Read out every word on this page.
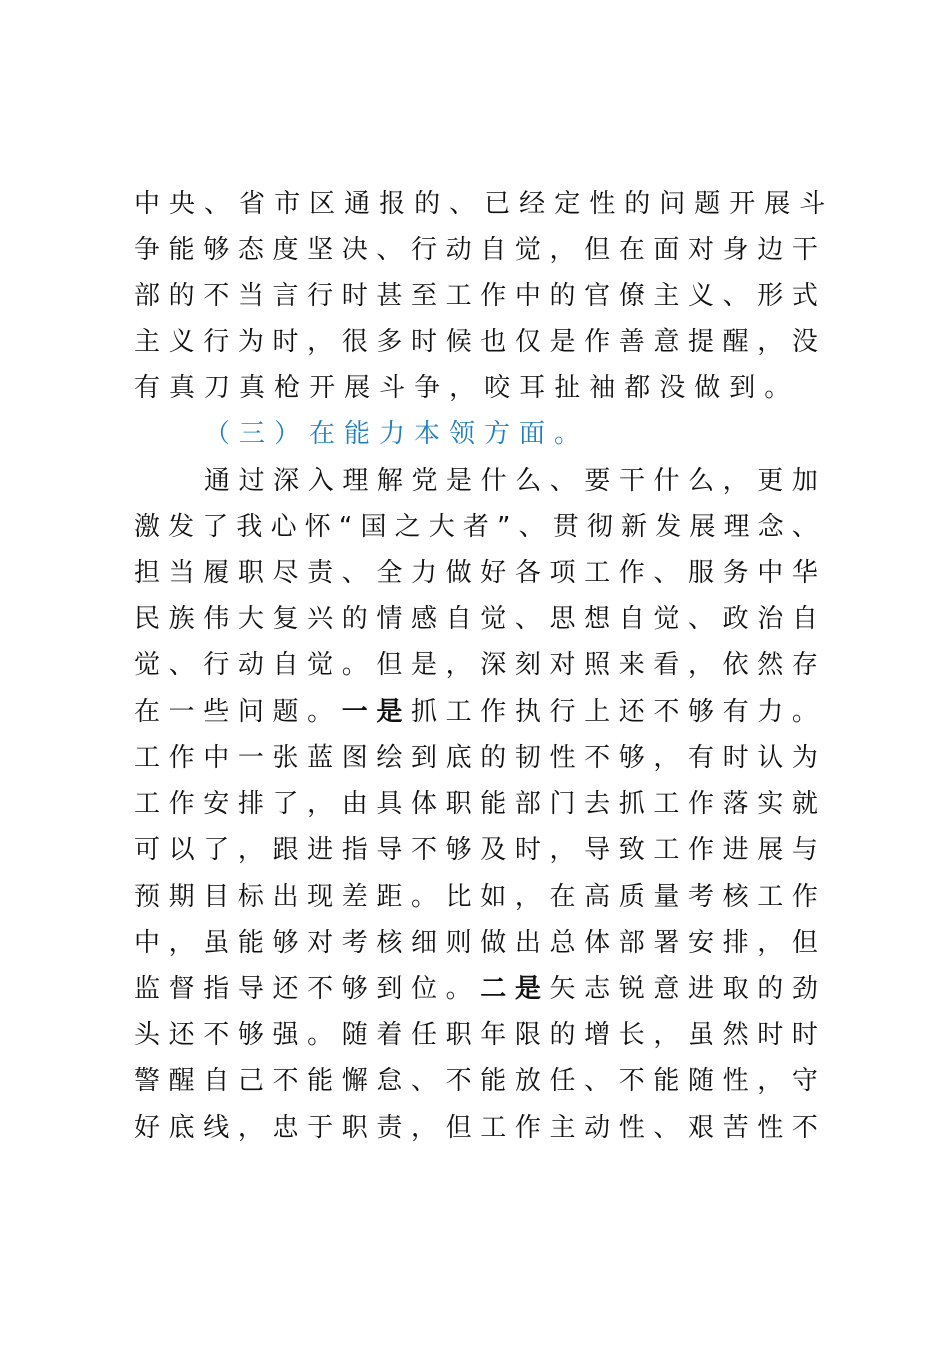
中 央 、 省 市 区 通 报 的 、 已 经 定 性 的 问 题 开 展 斗
争 能 够 态 度 坚 决 、 行 动 自 觉 ， 但 在 面 对 身 边 干
部 的 不 当 言 行 时 甚 至 工 作 中 的 官 僚 主 义 、 形 式
主 义 行 为 时 ， 很 多 时 候 也 仅 是 作 善 意 提 醒 ， 没
有 真 刀 真 枪 开 展 斗 争 ， 咬 耳 扯 袖 都 没 做 到 。
（三）在能力本领方面。
通 过 深 入 理 解 党 是 什 么 、 要 干 什 么 ， 更 加
激 发 了 我 心 怀 “ 国 之 大 者 ” 、 贯 彻 新 发 展 理 念 、
担 当 履 职 尽 责 、 全 力 做 好 各 项 工 作 、 服 务 中 华
民 族 伟 大 复 兴 的 情 感 自 觉 、 思 想 自 觉 、 政 治 自
觉 、 行 动 自 觉 。 但 是 ， 深 刻 对 照 来 看 ， 依 然 存
在 一 些 问 题 。 一 是 抓 工 作 执 行 上 还 不 够 有 力 。
工 作 中 一 张 蓝 图 绘 到 底 的 韧 性 不 够 ， 有 时 认 为
工 作 安 排 了 ， 由 具 体 职 能 部 门 去 抓 工 作 落 实 就
可 以 了 ， 跟 进 指 导 不 够 及 时 ， 导 致 工 作 进 展 与
预 期 目 标 出 现 差 距 。 比 如 ， 在 高 质 量 考 核 工 作
中 ， 虽 能 够 对 考 核 细 则 做 出 总 体 部 署 安 排 ， 但
监 督 指 导 还 不 够 到 位 。 二 是 矢 志 锐 意 进 取 的 劲
头 还 不 够 强 。 随 着 任 职 年 限 的 增 长 ， 虽 然 时 时
警 醒 自 己 不 能 懈 怠 、 不 能 放 任 、 不 能 随 性 ， 守
好 底 线 ， 忠 于 职 责 ， 但 工 作 主 动 性 、 艰 苦 性 不
